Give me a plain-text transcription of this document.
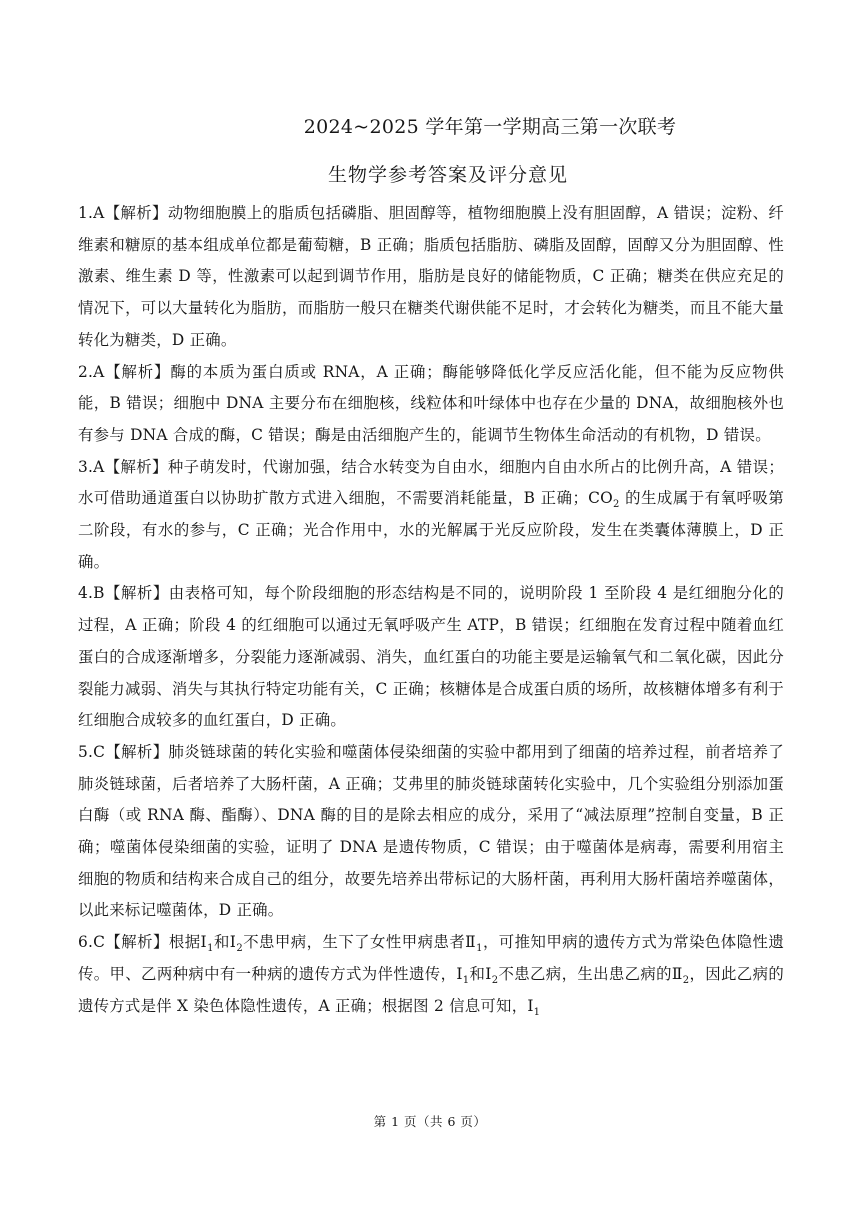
2024~2025 学年第一学期高三第一次联考
生物学参考答案及评分意见

1.A【解析】动物细胞膜上的脂质包括磷脂、胆固醇等，植物细胞膜上没有胆固醇，A 错误；淀粉、纤维素和糖原的基本组成单位都是葡萄糖，B 正确；脂质包括脂肪、磷脂及固醇，固醇又分为胆固醇、性激素、维生素 D 等，性激素可以起到调节作用，脂肪是良好的储能物质，C 正确；糖类在供应充足的情况下，可以大量转化为脂肪，而脂肪一般只在糖类代谢供能不足时，才会转化为糖类，而且不能大量转化为糖类，D 正确。

2.A【解析】酶的本质为蛋白质或 RNA，A 正确；酶能够降低化学反应活化能，但不能为反应物供能，B 错误；细胞中 DNA 主要分布在细胞核，线粒体和叶绿体中也存在少量的 DNA，故细胞核外也有参与 DNA 合成的酶，C 错误；酶是由活细胞产生的，能调节生物体生命活动的有机物，D 错误。

3.A【解析】种子萌发时，代谢加强，结合水转变为自由水，细胞内自由水所占的比例升高，A 错误；水可借助通道蛋白以协助扩散方式进入细胞，不需要消耗能量，B 正确；$CO_2$ 的生成属于有氧呼吸第二阶段，有水的参与，C 正确；光合作用中，水的光解属于光反应阶段，发生在类囊体薄膜上，D 正确。

4.B【解析】由表格可知，每个阶段细胞的形态结构是不同的，说明阶段 1 至阶段 4 是红细胞分化的过程，A 正确；阶段 4 的红细胞可以通过无氧呼吸产生 ATP，B 错误；红细胞在发育过程中随着血红蛋白的合成逐渐增多，分裂能力逐渐减弱、消失，血红蛋白的功能主要是运输氧气和二氧化碳，因此分裂能力减弱、消失与其执行特定功能有关，C 正确；核糖体是合成蛋白质的场所，故核糖体增多有利于红细胞合成较多的血红蛋白，D 正确。

5.C【解析】肺炎链球菌的转化实验和噬菌体侵染细菌的实验中都用到了细菌的培养过程，前者培养了肺炎链球菌，后者培养了大肠杆菌，A 正确；艾弗里的肺炎链球菌转化实验中，几个实验组分别添加蛋白酶（或 RNA 酶、酯酶）、DNA 酶的目的是除去相应的成分，采用了“减法原理”控制自变量，B 正确；噬菌体侵染细菌的实验，证明了 DNA 是遗传物质，C 错误；由于噬菌体是病毒，需要利用宿主细胞的物质和结构来合成自己的组分，故要先培养出带标记的大肠杆菌，再利用大肠杆菌培养噬菌体，以此来标记噬菌体，D 正确。

6.C【解析】根据$Ⅰ_1$和$Ⅰ_2$不患甲病，生下了女性甲病患者$Ⅱ_1$，可推知甲病的遗传方式为常染色体隐性遗传。甲、乙两种病中有一种病的遗传方式为伴性遗传，$Ⅰ_1$和$Ⅰ_2$不患乙病，生出患乙病的$Ⅱ_2$，因此乙病的遗传方式是伴 X 染色体隐性遗传，A 正确；根据图 2 信息可知，$Ⅰ_1$

第 1 页（共 6 页）
